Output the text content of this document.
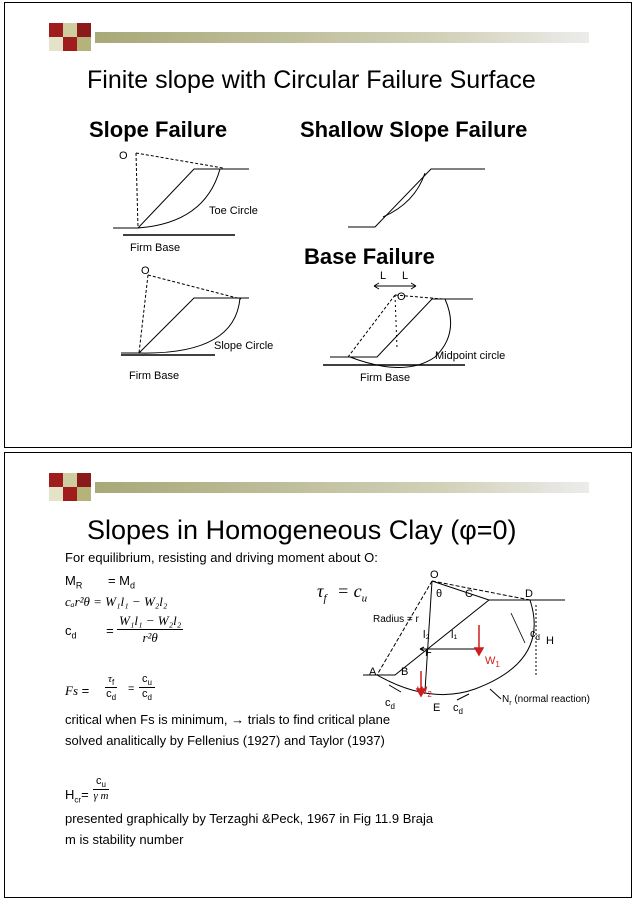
Finite slope with Circular Failure Surface
Slope Failure	Shallow Slope Failure
Base Failure
O
Toe Circle
Firm Base
O
Slope Circle
Firm Base
L L
O
Midpoint circle
Firm Base
Slopes in Homogeneous Clay (φ=0)
For equilibrium, resisting and driving moment about O:
$M_R = M_d$
cₐr²θ = W₁l₁ − W₂l₂
$c_d$ =
W₁l₁ − W₂l₂
r²θ
Fs =
$\tau_f$
$c_d$
=
$c_u$
$c_d$
critical when Fs is minimum, → trials to find critical plane
solved analitically by Fellenius (1927) and Taylor (1937)
$H_{cr}=$
$c_u$
γ m
presented graphically by Terzaghi &Peck, 1967 in Fig 11.9 Braja
m is stability number
$\tau_f = c_u$
O
θ C	D
Radius = r
l₂ l₁	$c_d$ H
F
$W_1$
A B
$W_2$
$c_d$	E $c_d$
$N_r$ (normal reaction)
